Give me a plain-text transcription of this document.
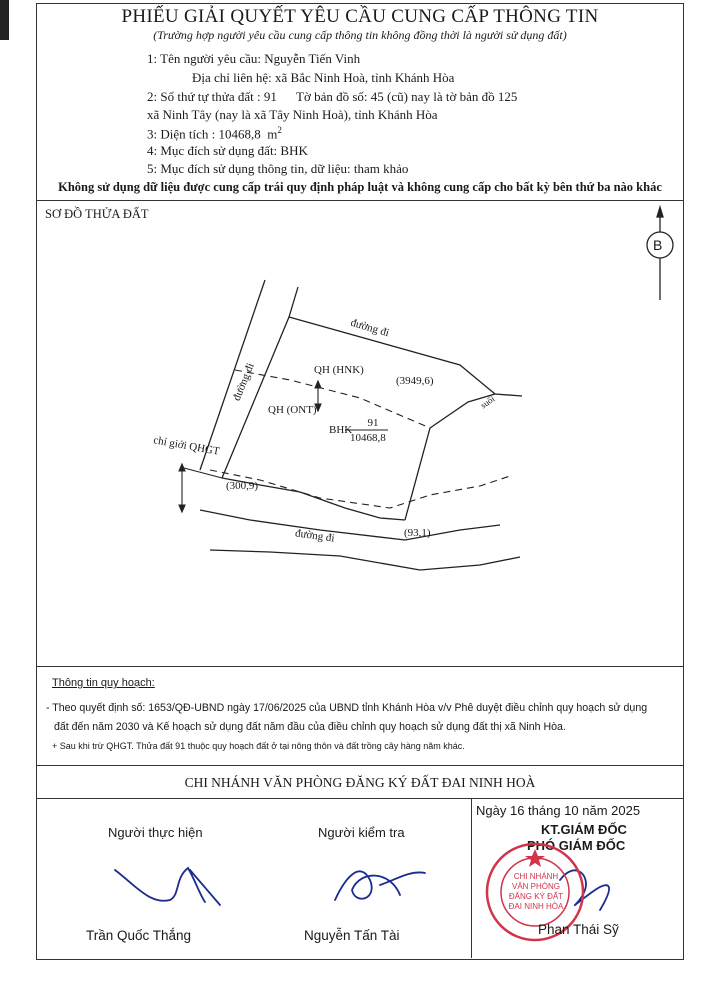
PHIẾU GIẢI QUYẾT YÊU CẦU CUNG CẤP THÔNG TIN
(Trường hợp người yêu cầu cung cấp thông tin không đồng thời là người sử dụng đất)
1: Tên người yêu cầu: Nguyễn Tiến Vinh
Địa chỉ liên hệ: xã Bắc Ninh Hoà, tỉnh Khánh Hòa
2: Số thứ tự thửa đất : 91 Tờ bản đồ số: 45 (cũ) nay là tờ bản đồ 125
xã Ninh Tây (nay là xã Tây Ninh Hoà), tỉnh Khánh Hòa
3: Diện tích : 10468,8 $m^2$
4: Mục đích sử dụng đất: BHK
5: Mục đích sử dụng thông tin, dữ liệu: tham khảo
Không sử dụng dữ liệu được cung cấp trái quy định pháp luật và không cung cấp cho bất kỳ bên thứ ba nào khác
SƠ ĐỒ THỬA ĐẤT
B
đường đi
đường đi
đường đi
suối
QH (HNK)
QH (ONT)
chỉ giới QHGT
(3949,6)
(300,9)
(93,1)
BHK
91
10468,8
Thông tin quy hoạch:
- Theo quyết định số: 1653/QĐ-UBND ngày 17/06/2025 của UBND tỉnh Khánh Hòa v/v Phê duyệt điều chỉnh quy hoạch sử dụng
đất đến năm 2030 và Kế hoạch sử dụng đất năm đầu của điều chỉnh quy hoạch sử dụng đất thị xã Ninh Hòa.
+ Sau khi trừ QHGT. Thửa đất 91 thuộc quy hoạch đất ở tại nông thôn và đất trồng cây hàng năm khác.
CHI NHÁNH VĂN PHÒNG ĐĂNG KÝ ĐẤT ĐAI NINH HOÀ
Ngày 16 tháng 10 năm 2025
Người thực hiện	Người kiểm tra	KT.GIÁM ĐỐC
PHÓ GIÁM ĐỐC
CHI NHÁNH VĂN PHÒNG ĐĂNG KÝ ĐẤT ĐAI NINH HÒA
Trần Quốc Thắng	Nguyễn Tấn Tài	Phan Thái Sỹ
